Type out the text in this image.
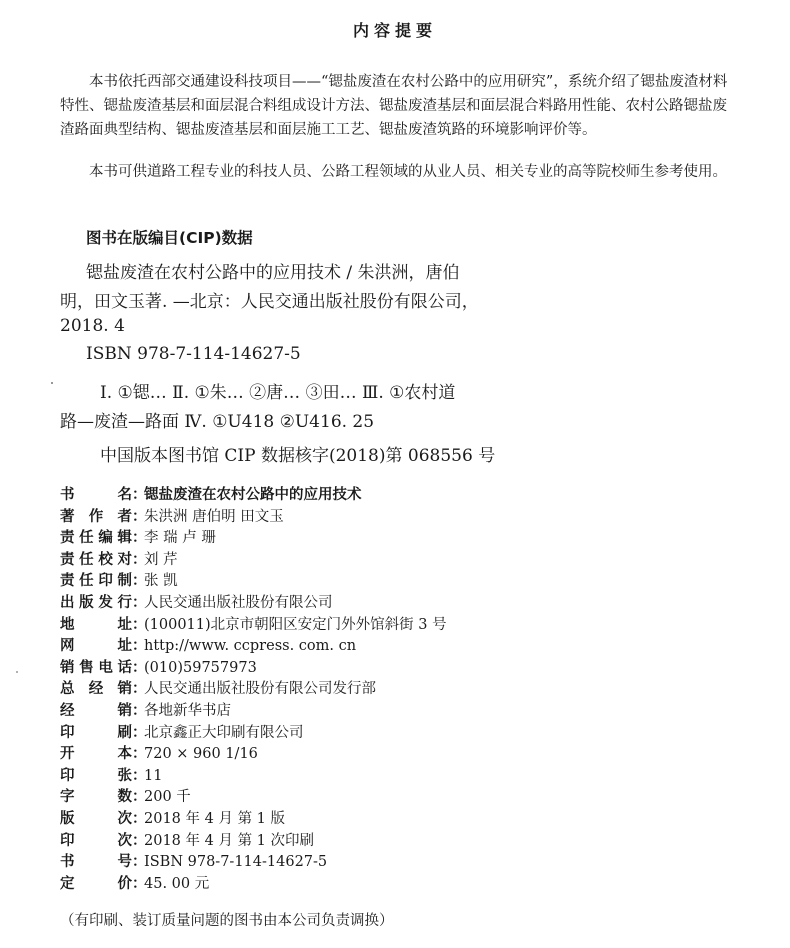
内容提要

本书依托西部交通建设科技项目——“锶盐废渣在农村公路中的应用研究”，系统介绍了锶盐废渣材料特性、锶盐废渣基层和面层混合料组成设计方法、锶盐废渣基层和面层混合料路用性能、农村公路锶盐废渣路面典型结构、锶盐废渣基层和面层施工工艺、锶盐废渣筑路的环境影响评价等。

本书可供道路工程专业的科技人员、公路工程领域的从业人员、相关专业的高等院校师生参考使用。

图书在版编目(CIP)数据
锶盐废渣在农村公路中的应用技术 / 朱洪洲，唐伯
明，田文玉著. —北京：人民交通出版社股份有限公司，
2018. 4
ISBN 978-7-114-14627-5
Ⅰ. ①锶… Ⅱ. ①朱… ②唐… ③田… Ⅲ. ①农村道
路—废渣—路面 Ⅳ. ①U418 ②U416. 25
中国版本图书馆 CIP 数据核字(2018)第 068556 号
书	名
： 锶盐废渣在农村公路中的应用技术
著 作 者
： 朱洪洲 唐伯明 田文玉
责 任 编 辑
： 李 瑞 卢 珊
责 任 校 对
： 刘 芹
责 任 印 制
： 张 凯
出 版 发 行
： 人民交通出版社股份有限公司
地	址
： (100011)北京市朝阳区安定门外外馆斜街 3 号
网	址
： http://www. ccpress. com. cn
销 售 电 话
： (010)59757973
总 经 销
： 人民交通出版社股份有限公司发行部
经	销
： 各地新华书店
印	刷
： 北京鑫正大印刷有限公司
开	本
： 720 × 960 1/16
印	张
： 11
字	数
： 200 千
版	次
： 2018 年 4 月 第 1 版
印	次
： 2018 年 4 月 第 1 次印刷
书	号
： ISBN 978-7-114-14627-5
定	价
： 45. 00 元
（有印刷、装订质量问题的图书由本公司负责调换）
